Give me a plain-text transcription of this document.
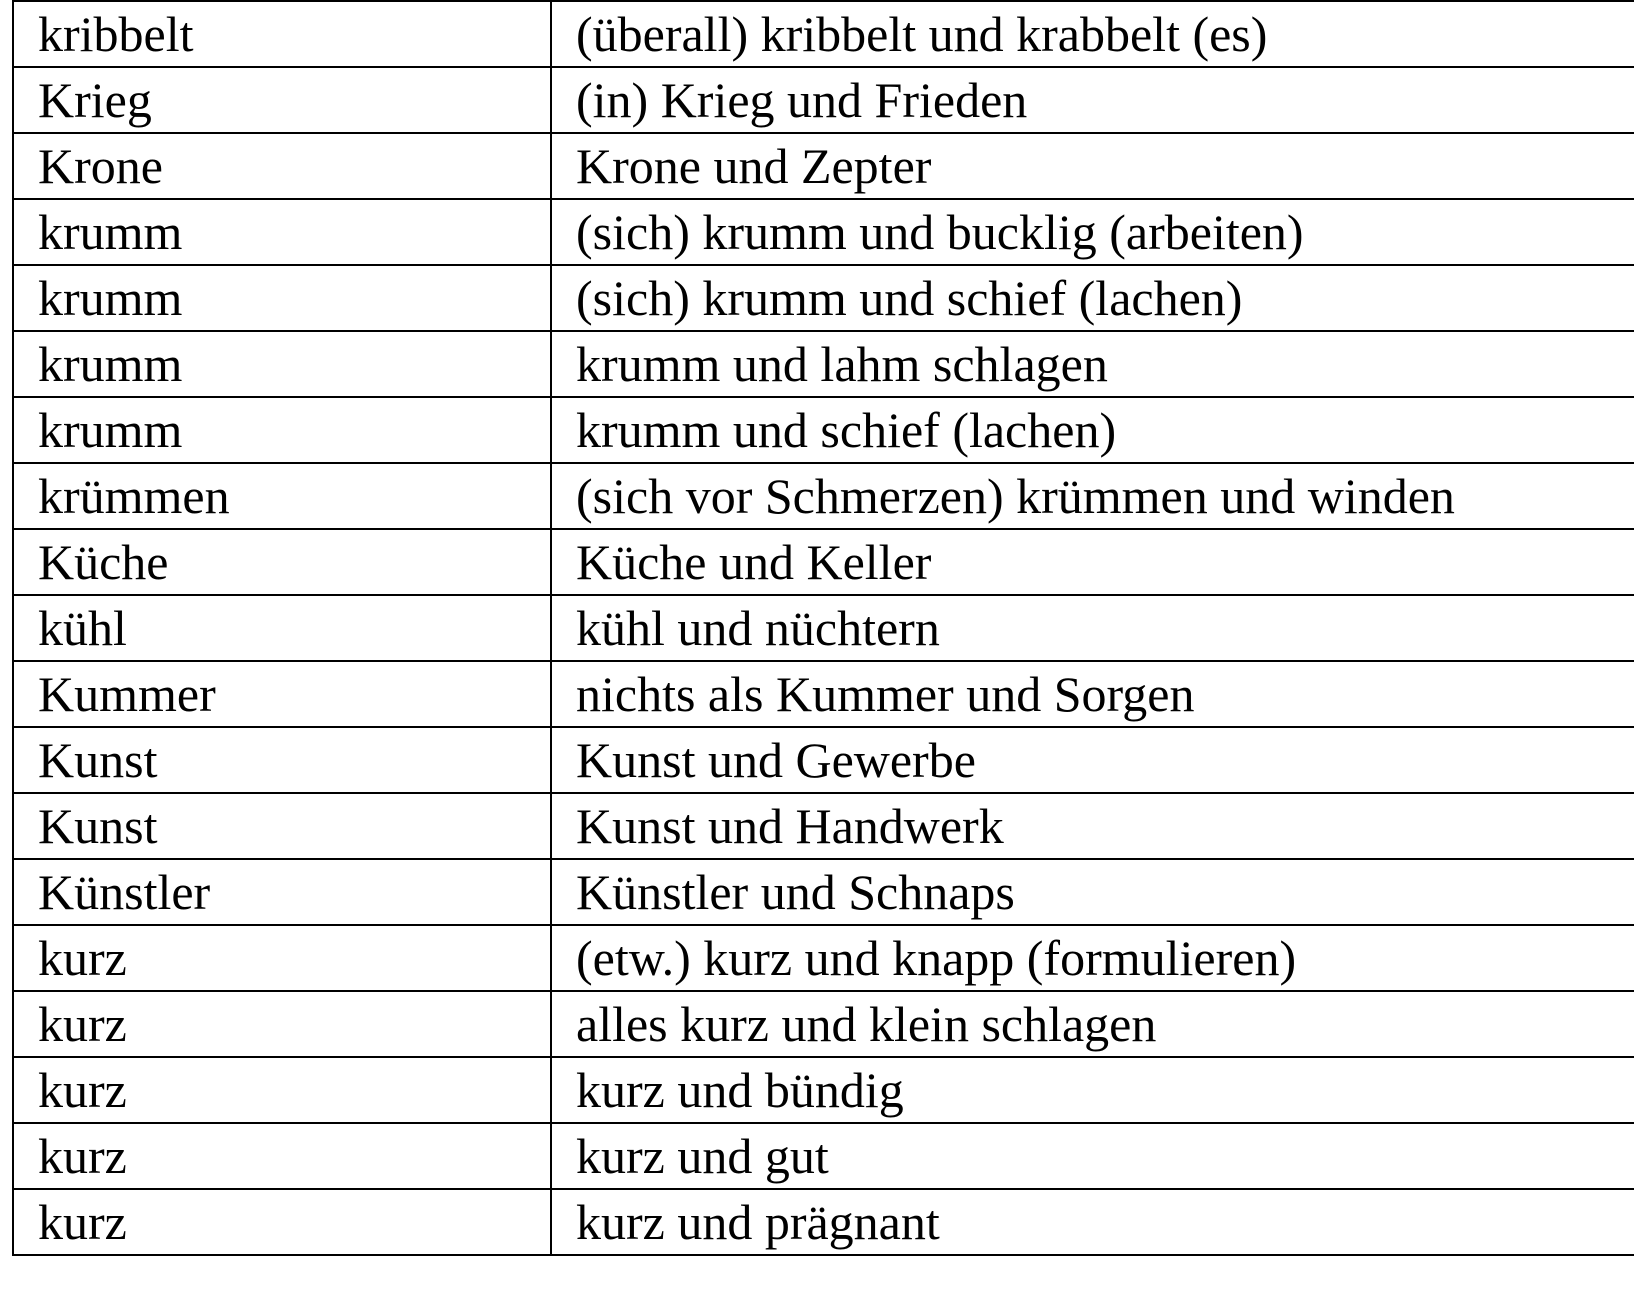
kribbelt	(überall) kribbelt und krabbelt (es)
Krieg	(in) Krieg und Frieden
Krone	Krone und Zepter
krumm	(sich) krumm und bucklig (arbeiten)
krumm	(sich) krumm und schief (lachen)
krumm	krumm und lahm schlagen
krumm	krumm und schief (lachen)
krümmen	(sich vor Schmerzen) krümmen und winden
Küche	Küche und Keller
kühl	kühl und nüchtern
Kummer	nichts als Kummer und Sorgen
Kunst	Kunst und Gewerbe
Kunst	Kunst und Handwerk
Künstler	Künstler und Schnaps
kurz	(etw.) kurz und knapp (formulieren)
kurz	alles kurz und klein schlagen
kurz	kurz und bündig
kurz	kurz und gut
kurz	kurz und prägnant
